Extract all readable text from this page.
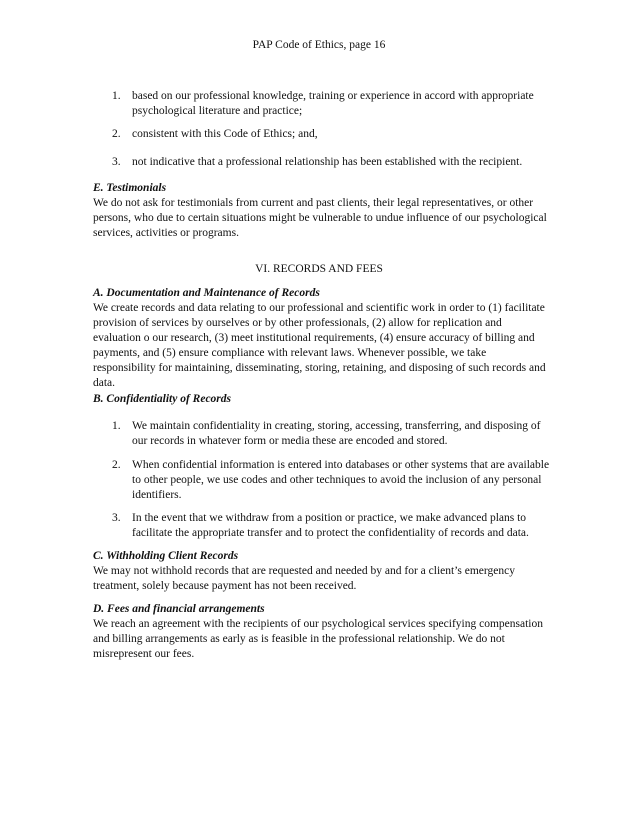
PAP Code of Ethics, page 16
1. based on our professional knowledge, training or experience in accord with appropriate psychological literature and practice;
2. consistent with this Code of Ethics; and,
3. not indicative that a professional relationship has been established with the recipient.
E. Testimonials

We do not ask for testimonials from current and past clients, their legal representatives, or other persons, who due to certain situations might be vulnerable to undue influence of our psychological services, activities or programs.

VI. RECORDS AND FEES
A. Documentation and Maintenance of Records

We create records and data relating to our professional and scientific work in order to (1) facilitate provision of services by ourselves or by other professionals, (2) allow for replication and evaluation o our research, (3) meet institutional requirements, (4) ensure accuracy of billing and payments, and (5) ensure compliance with relevant laws. Whenever possible, we take responsibility for maintaining, disseminating, storing, retaining, and disposing of such records and data.

B. Confidentiality of Records
1. We maintain confidentiality in creating, storing, accessing, transferring, and disposing of our records in whatever form or media these are encoded and stored.
2. When confidential information is entered into databases or other systems that are available to other people, we use codes and other techniques to avoid the inclusion of any personal identifiers.
3. In the event that we withdraw from a position or practice, we make advanced plans to facilitate the appropriate transfer and to protect the confidentiality of records and data.
C. Withholding Client Records

We may not withhold records that are requested and needed by and for a client’s emergency treatment, solely because payment has not been received.

D. Fees and financial arrangements

We reach an agreement with the recipients of our psychological services specifying compensation and billing arrangements as early as is feasible in the professional relationship. We do not misrepresent our fees.
